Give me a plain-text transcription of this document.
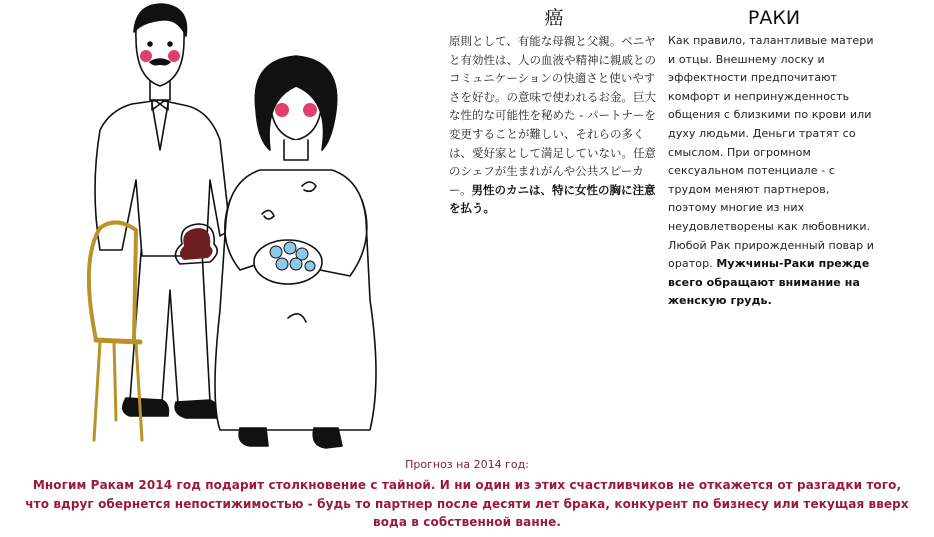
癌

原則として、有能な母親と父親。ベニヤと有効性は、人の血液や精神に親戚とのコミュニケーションの快適さと使いやすさを好む。の意味で使われるお金。巨大な性的な可能性を秘めた - パートナーを変更することが難しい、それらの多くは、愛好家として満足していない。任意のシェフが生まれがんや公共スピーカー。男性のカニは、特に女性の胸に注意を払う。

РАКИ

Как правило, талантливые матери и отцы. Внешнему лоску и эффектности предпочитают комфорт и непринужденность общения с близкими по крови или духу людьми. Деньги тратят со смыслом. При огромном сексуальном потенциале - с трудом меняют партнеров, поэтому многие из них неудовлетворены как любовники. Любой Рак прирожденный повар и оратор. Мужчины-Раки прежде всего обращают внимание на женскую грудь.

Прогноз на 2014 год:
Многим Ракам 2014 год подарит столкновение с тайной. И ни один из этих счастливчиков не откажется от разгадки того, что вдруг обернется непостижимостью - будь то партнер после десяти лет брака, конкурент по бизнесу или текущая вверх вода в собственной ванне.
